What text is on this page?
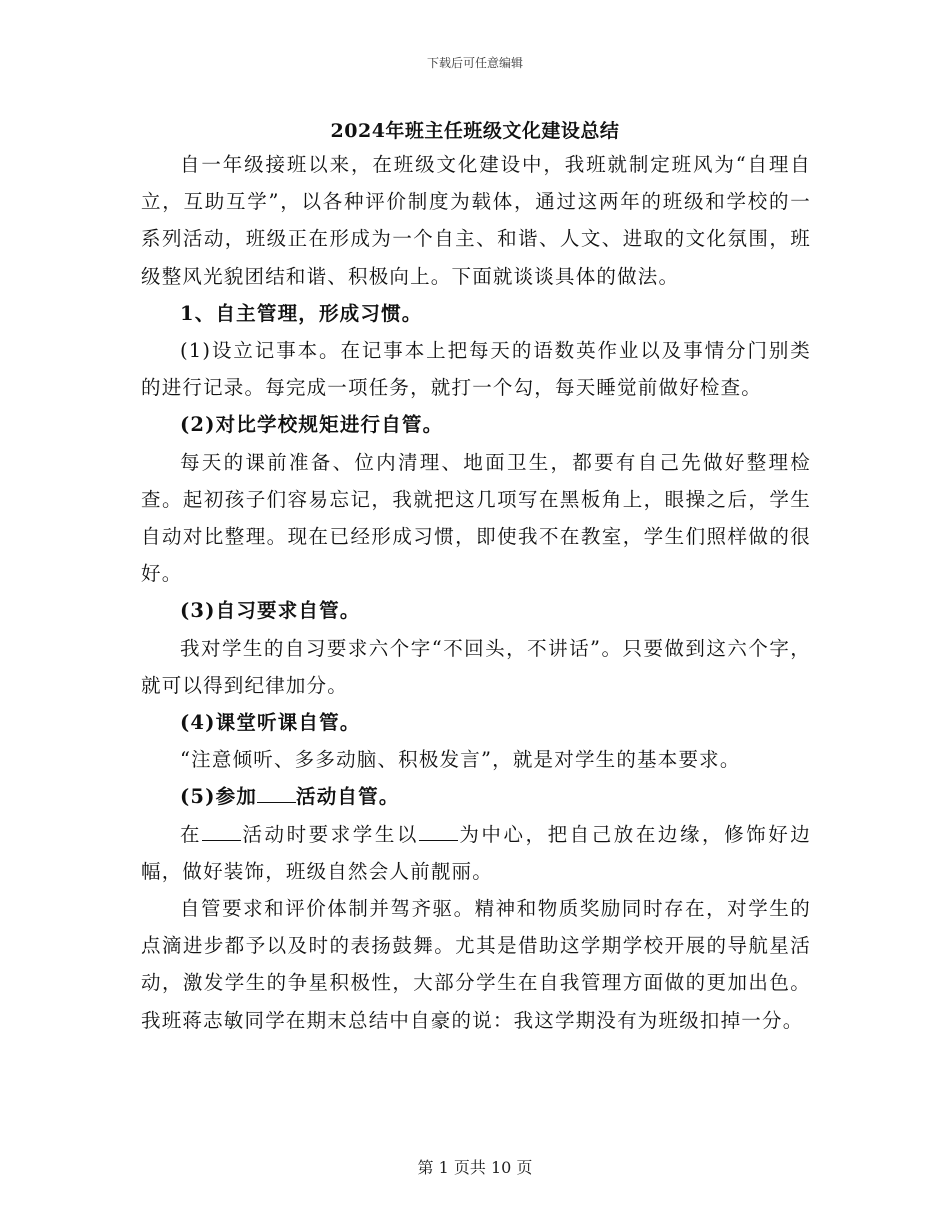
下载后可任意编辑
2024年班主任班级文化建设总结

自一年级接班以来，在班级文化建设中，我班就制定班风为“自理自立，互助互学”，以各种评价制度为载体，通过这两年的班级和学校的一系列活动，班级正在形成为一个自主、和谐、人文、进取的文化氛围，班级整风光貌团结和谐、积极向上。下面就谈谈具体的做法。

1、自主管理，形成习惯。

(1)设立记事本。在记事本上把每天的语数英作业以及事情分门别类的进行记录。每完成一项任务，就打一个勾，每天睡觉前做好检查。

(2)对比学校规矩进行自管。

每天的课前准备、位内清理、地面卫生，都要有自己先做好整理检查。起初孩子们容易忘记，我就把这几项写在黑板角上，眼操之后，学生自动对比整理。现在已经形成习惯，即使我不在教室，学生们照样做的很好。

(3)自习要求自管。

我对学生的自习要求六个字“不回头，不讲话”。只要做到这六个字，就可以得到纪律加分。

(4)课堂听课自管。

“注意倾听、多多动脑、积极发言”，就是对学生的基本要求。

(5)参加 活动自管。

在 活动时要求学生以 为中心，把自己放在边缘，修饰好边幅，做好装饰，班级自然会人前靓丽。

自管要求和评价体制并驾齐驱。精神和物质奖励同时存在，对学生的点滴进步都予以及时的表扬鼓舞。尤其是借助这学期学校开展的导航星活动，激发学生的争星积极性，大部分学生在自我管理方面做的更加出色。我班蒋志敏同学在期末总结中自豪的说：我这学期没有为班级扣掉一分。

第 1 页共 10 页
